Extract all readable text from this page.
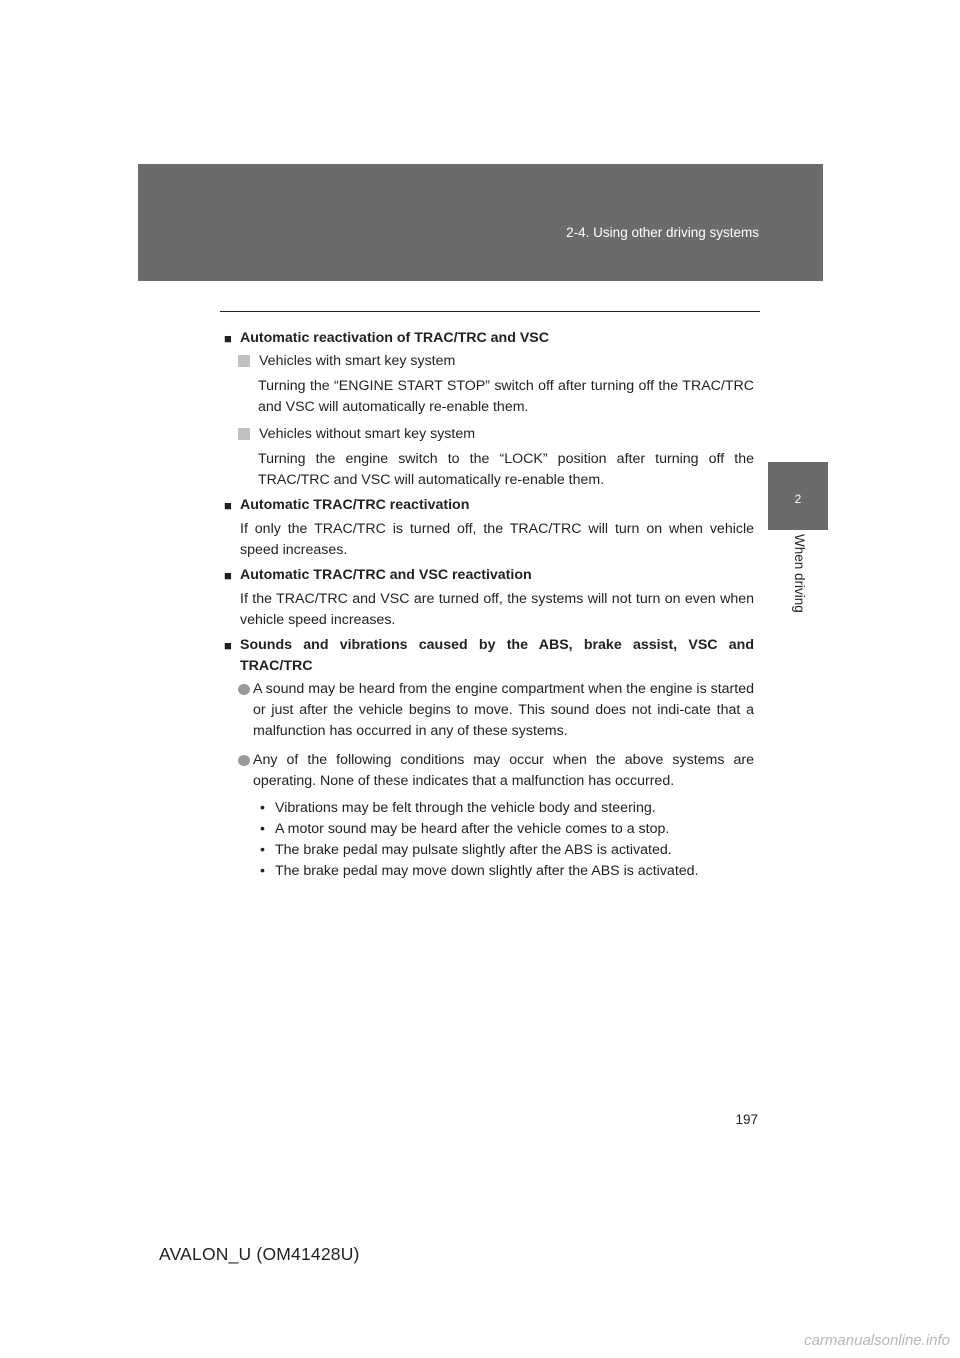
2-4. Using other driving systems
2
When driving
■ Automatic reactivation of TRAC/TRC and VSC
Vehicles with smart key system
Turning the “ENGINE START STOP” switch off after turning off the TRAC/TRC and VSC will automatically re-enable them.
Vehicles without smart key system
Turning the engine switch to the “LOCK” position after turning off the TRAC/TRC and VSC will automatically re-enable them.
■ Automatic TRAC/TRC reactivation
If only the TRAC/TRC is turned off, the TRAC/TRC will turn on when vehicle speed increases.
■ Automatic TRAC/TRC and VSC reactivation
If the TRAC/TRC and VSC are turned off, the systems will not turn on even when vehicle speed increases.
■ Sounds and vibrations caused by the ABS, brake assist, VSC and TRAC/TRC
A sound may be heard from the engine compartment when the engine is started or just after the vehicle begins to move. This sound does not indi-cate that a malfunction has occurred in any of these systems.
Any of the following conditions may occur when the above systems are operating. None of these indicates that a malfunction has occurred.
• Vibrations may be felt through the vehicle body and steering.
• A motor sound may be heard after the vehicle comes to a stop.
• The brake pedal may pulsate slightly after the ABS is activated.
• The brake pedal may move down slightly after the ABS is activated.
197
AVALON_U (OM41428U)
carmanualsonline.info
